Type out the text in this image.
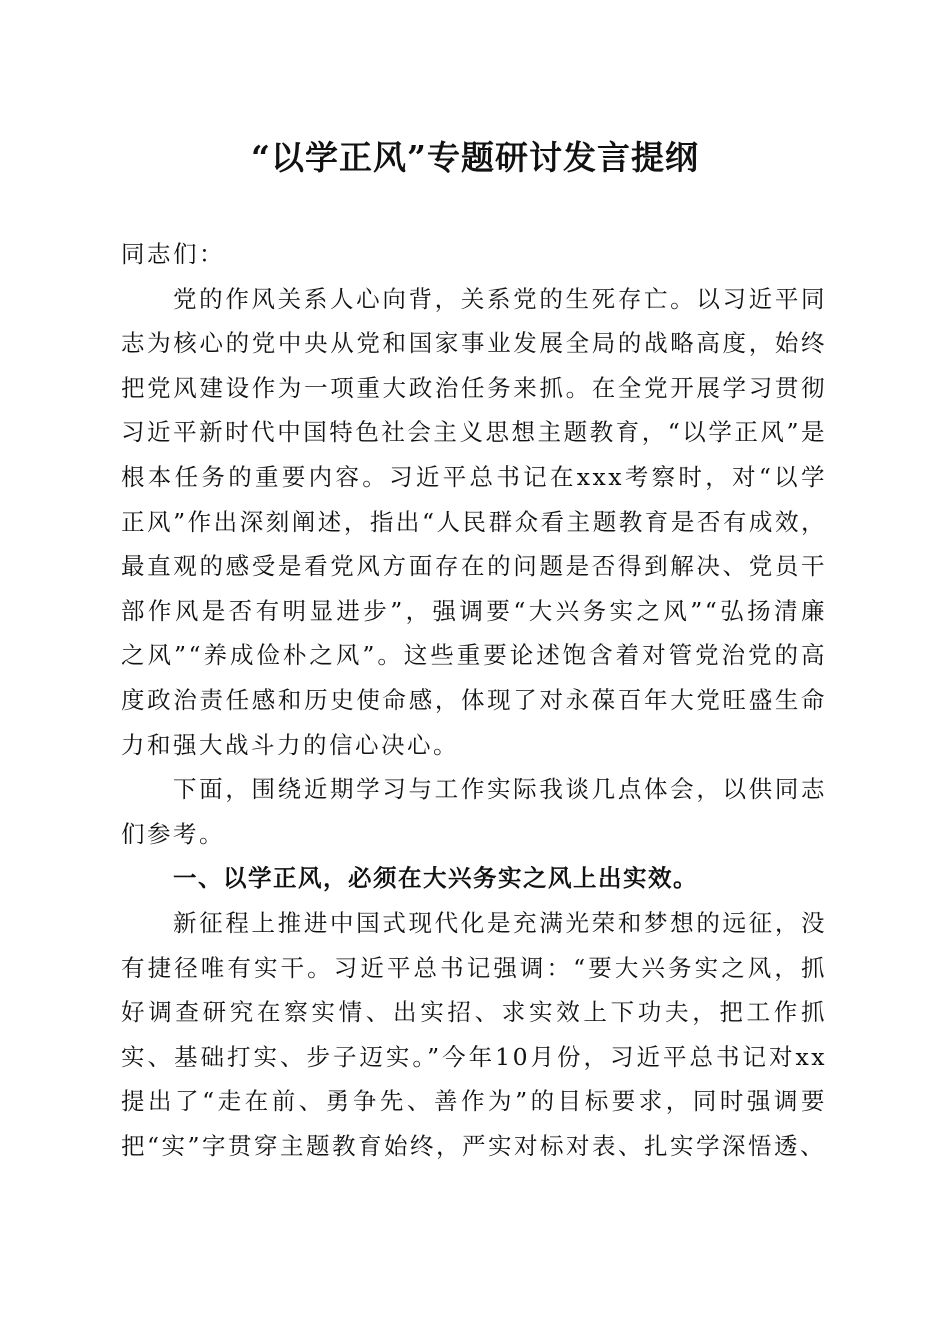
“以学正风”专题研讨发言提纲

同志们：

党的作风关系人心向背，关系党的生死存亡。以习近平同志为核心的党中央从党和国家事业发展全局的战略高度，始终把党风建设作为一项重大政治任务来抓。在全党开展学习贯彻习近平新时代中国特色社会主义思想主题教育，“以学正风”是根本任务的重要内容。习近平总书记在xxx考察时，对“以学正风”作出深刻阐述，指出“人民群众看主题教育是否有成效，最直观的感受是看党风方面存在的问题是否得到解决、党员干部作风是否有明显进步”，强调要“大兴务实之风”“弘扬清廉之风”“养成俭朴之风”。这些重要论述饱含着对管党治党的高度政治责任感和历史使命感，体现了对永葆百年大党旺盛生命力和强大战斗力的信心决心。

下面，围绕近期学习与工作实际我谈几点体会，以供同志们参考。

一、以学正风，必须在大兴务实之风上出实效。

新征程上推进中国式现代化是充满光荣和梦想的远征，没有捷径唯有实干。习近平总书记强调：“要大兴务实之风，抓好调查研究在察实情、出实招、求实效上下功夫，把工作抓实、基础打实、步子迈实。”今年10月份，习近平总书记对xx提出了“走在前、勇争先、善作为”的目标要求，同时强调要把“实”字贯穿主题教育始终，严实对标对表、扎实学深悟透、
